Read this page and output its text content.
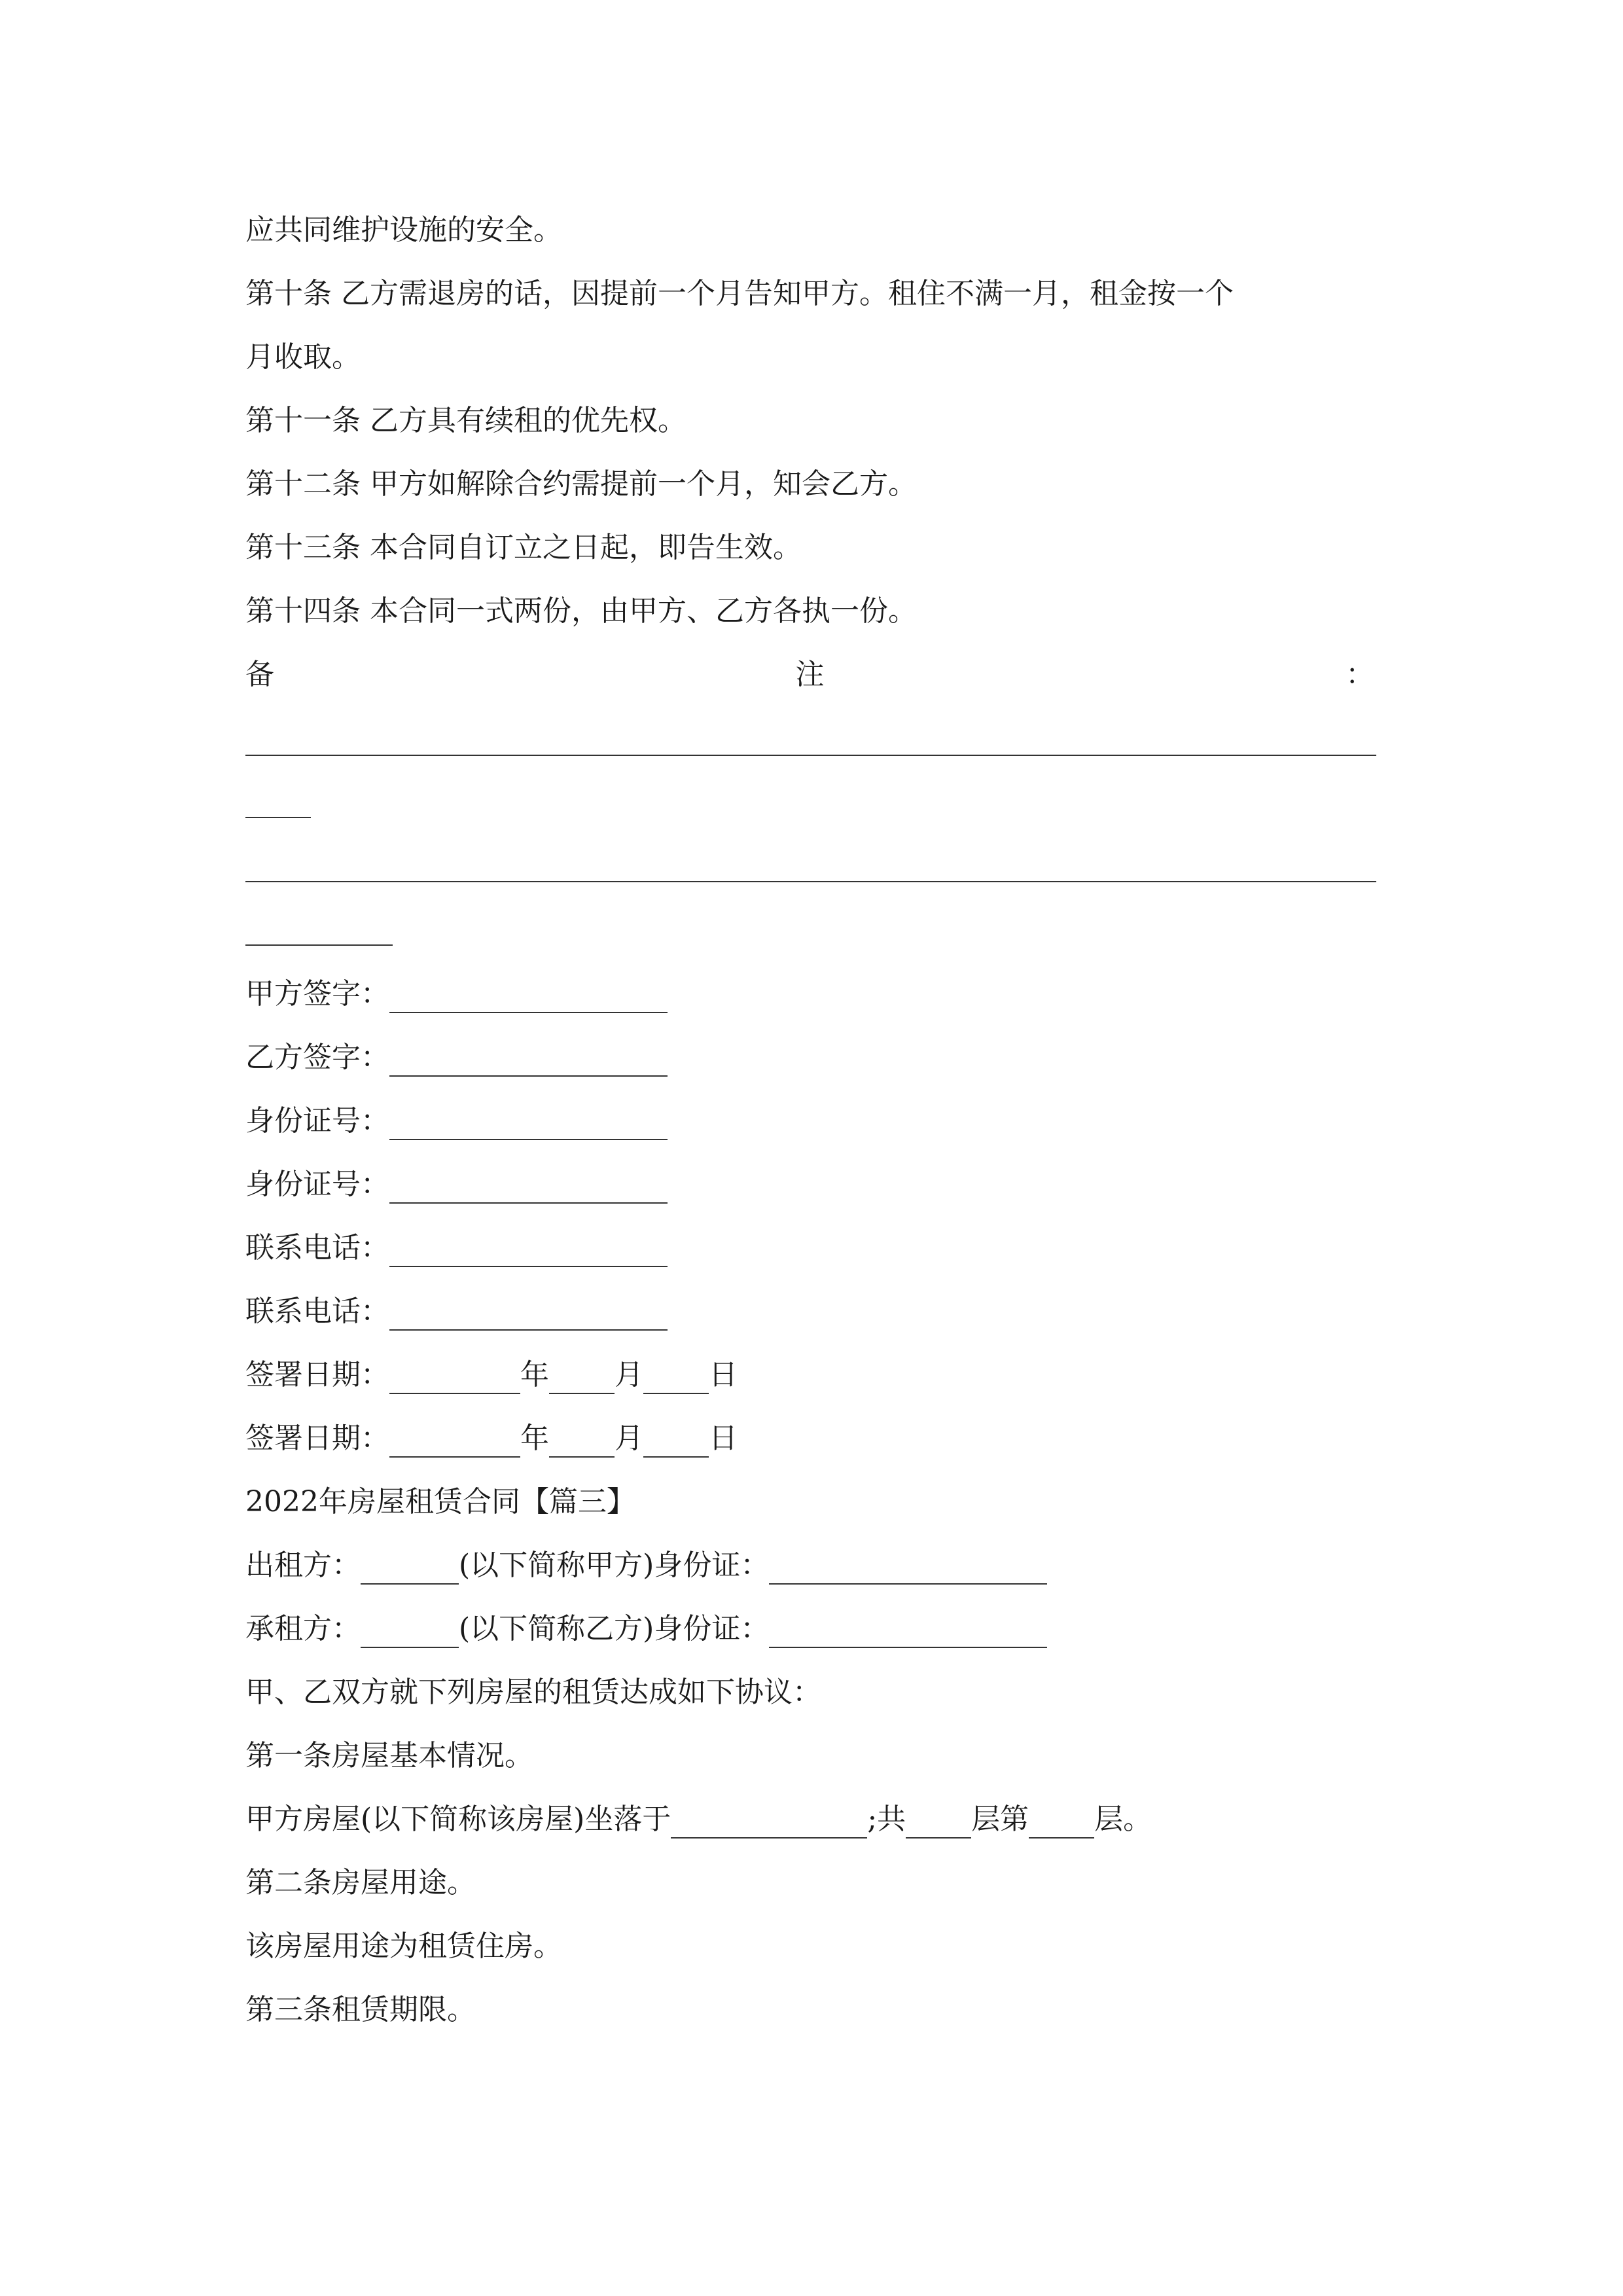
应共同维护设施的安全。

第十条 乙方需退房的话，因提前一个月告知甲方。租住不满一月，租金按一个

月收取。

第十一条 乙方具有续租的优先权。

第十二条 甲方如解除合约需提前一个月，知会乙方。

第十三条 本合同自订立之日起，即告生效。

第十四条 本合同一式两份，由甲方、乙方各执一份。

备	注	：
甲方签字：
乙方签字：
身份证号：
身份证号：
联系电话：
联系电话：
签署日期：	年 月 日
签署日期：	年 月 日

2022年房屋租赁合同【篇三】

出租方：	(以下简称甲方)身份证：
承租方：	(以下简称乙方)身份证：

甲、乙双方就下列房屋的租赁达成如下协议：

第一条房屋基本情况。

甲方房屋(以下简称该房屋)坐落于	;共 层第 层。

第二条房屋用途。

该房屋用途为租赁住房。

第三条租赁期限。
